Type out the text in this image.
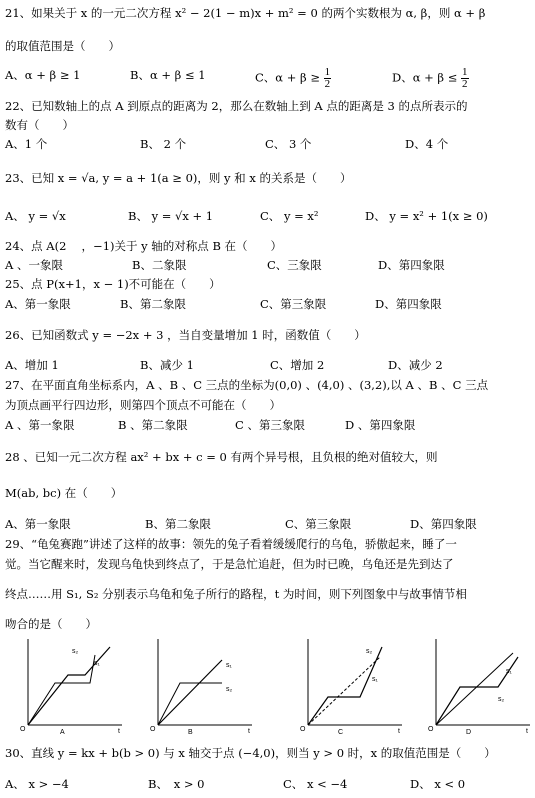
21、如果关于 x 的一元二次方程 x² − 2(1 − m)x + m² = 0 的两个实数根为 α, β，则 α + β
的取值范围是（　　）
A、α + β ≥ 1	B、α + β ≤ 1	C、$\alpha + \beta \ge \frac{1}{2}$	D、$\alpha + \beta \le \frac{1}{2}$
22、已知数轴上的点 A 到原点的距离为 2，那么在数轴上到 A 点的距离是 3 的点所表示的
数有（　　）
A、1 个	B、 2 个	C、 3 个	D、4 个
23、已知 x = √a, y = a + 1(a ≥ 0)，则 y 和 x 的关系是（　　）
A、 y = √x	B、 y = √x + 1	C、 y = x²	D、 y = x² + 1(x ≥ 0)
24、点 A(2 　，−1)关于 y 轴的对称点 B 在（　　）
A 、一象限	B、二象限	C、三象限	D、第四象限
25、点 P(x+1，x − 1)不可能在（　　）
A、第一象限	B、第二象限	C、第三象限	D、第四象限
26、已知函数式 y = −2x + 3 ，当自变量增加 1 时，函数值（　　）
A、增加 1	B、减少 1	C、增加 2	D、减少 2
27、在平面直角坐标系内，A 、B 、C 三点的坐标为(0,0) 、(4,0) 、(3,2),以 A 、B 、C 三点
为顶点画平行四边形，则第四个顶点不可能在（　　）
A 、第一象限	B 、第二象限	C 、第三象限	D 、第四象限
28 、已知一元二次方程 ax² + bx + c = 0 有两个异号根，且负根的绝对值较大，则
M(ab, bc) 在（　　）
A、第一象限	B、第二象限	C、第三象限	D、第四象限
29、“龟兔赛跑”讲述了这样的故事：领先的兔子看着缓缓爬行的乌龟，骄傲起来，睡了一
觉。当它醒来时，发现乌龟快到终点了，于是急忙追赶，但为时已晚，乌龟还是先到达了
终点……用 S₁, S₂ 分别表示乌龟和兔子所行的路程，t 为时间，则下列图象中与故事情节相
吻合的是（　　）
s₂
s₁
O	t
A
s₁
s₂
O	t
B
s₂
s₁
O	t
C
s₁
s₂
O	t
D
30、直线 y = kx + b(b > 0) 与 x 轴交于点 (−4,0)，则当 y > 0 时，x 的取值范围是（　　）
A、 x > −4	B、　x > 0	C、 x < −4	D、 x < 0
